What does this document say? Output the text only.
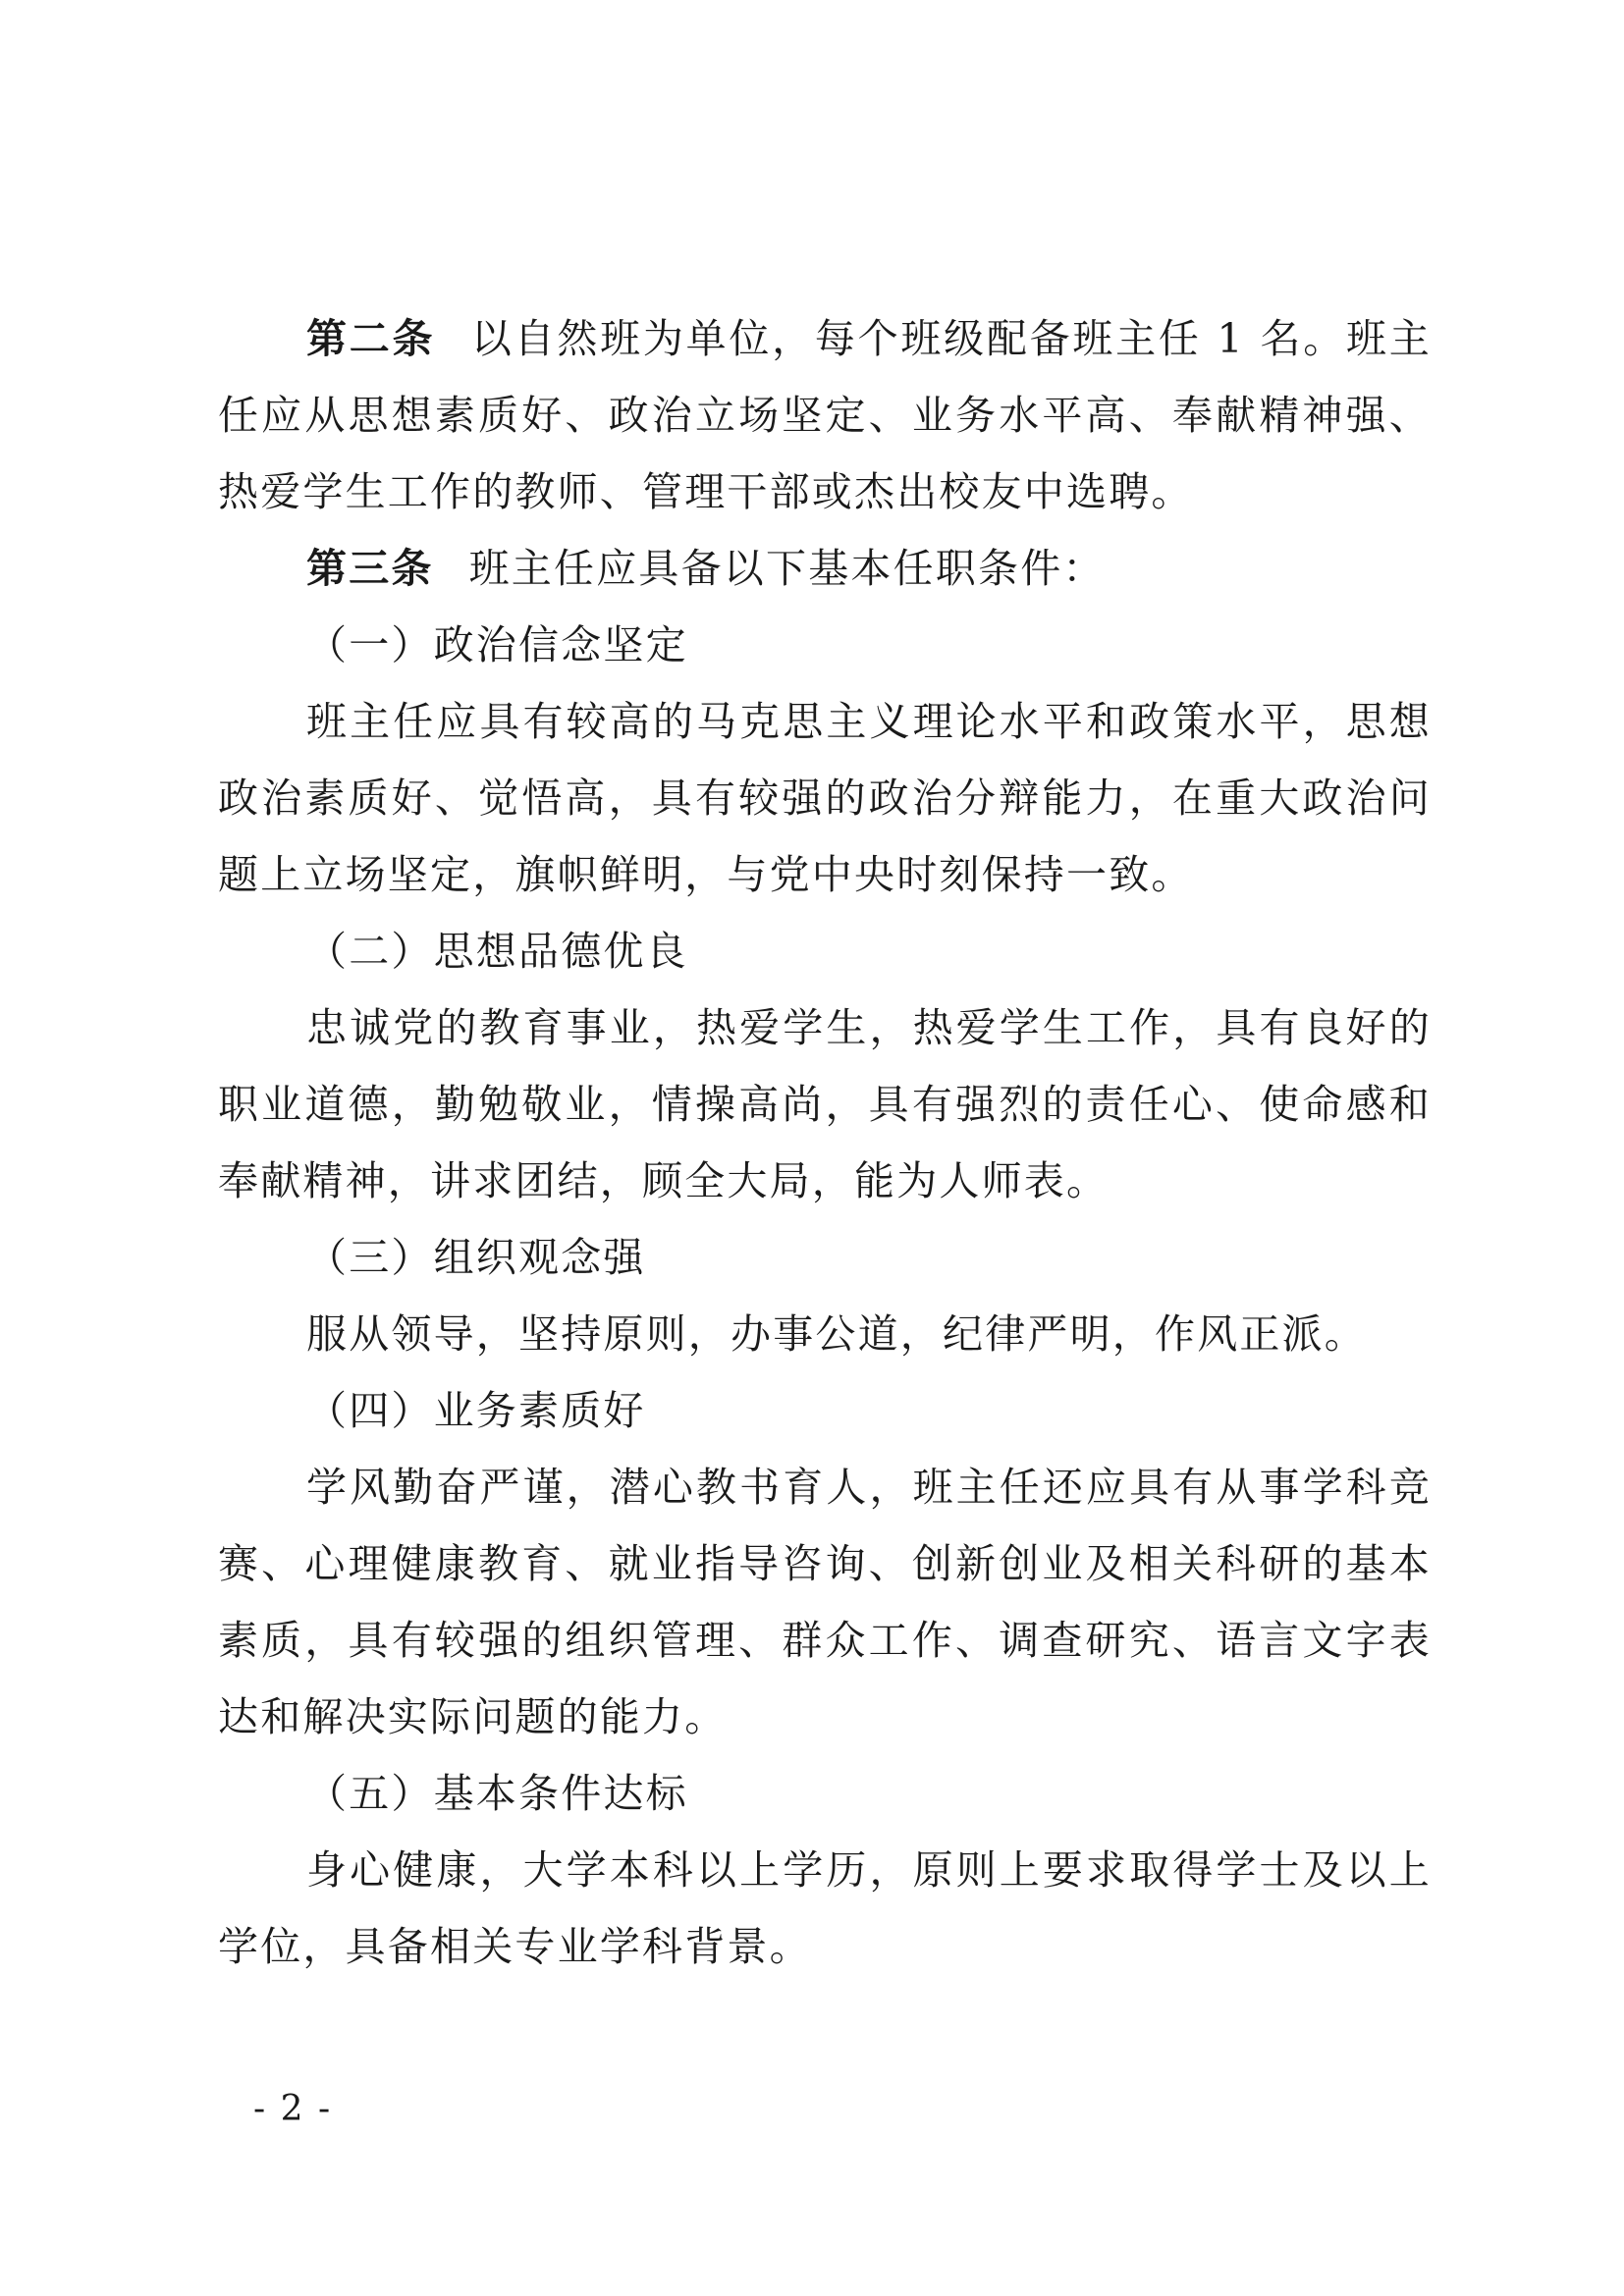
第二条 以自然班为单位，每个班级配备班主任 1 名。班主任应从思想素质好、政治立场坚定、业务水平高、奉献精神强、热爱学生工作的教师、管理干部或杰出校友中选聘。

第三条 班主任应具备以下基本任职条件：

（一）政治信念坚定

班主任应具有较高的马克思主义理论水平和政策水平，思想政治素质好、觉悟高，具有较强的政治分辩能力，在重大政治问题上立场坚定，旗帜鲜明，与党中央时刻保持一致。

（二）思想品德优良

忠诚党的教育事业，热爱学生，热爱学生工作，具有良好的职业道德，勤勉敬业，情操高尚，具有强烈的责任心、使命感和奉献精神，讲求团结，顾全大局，能为人师表。

（三）组织观念强

服从领导，坚持原则，办事公道，纪律严明，作风正派。

（四）业务素质好

学风勤奋严谨，潜心教书育人，班主任还应具有从事学科竞赛、心理健康教育、就业指导咨询、创新创业及相关科研的基本素质，具有较强的组织管理、群众工作、调查研究、语言文字表达和解决实际问题的能力。

（五）基本条件达标

身心健康，大学本科以上学历，原则上要求取得学士及以上学位，具备相关专业学科背景。

- 2 -
